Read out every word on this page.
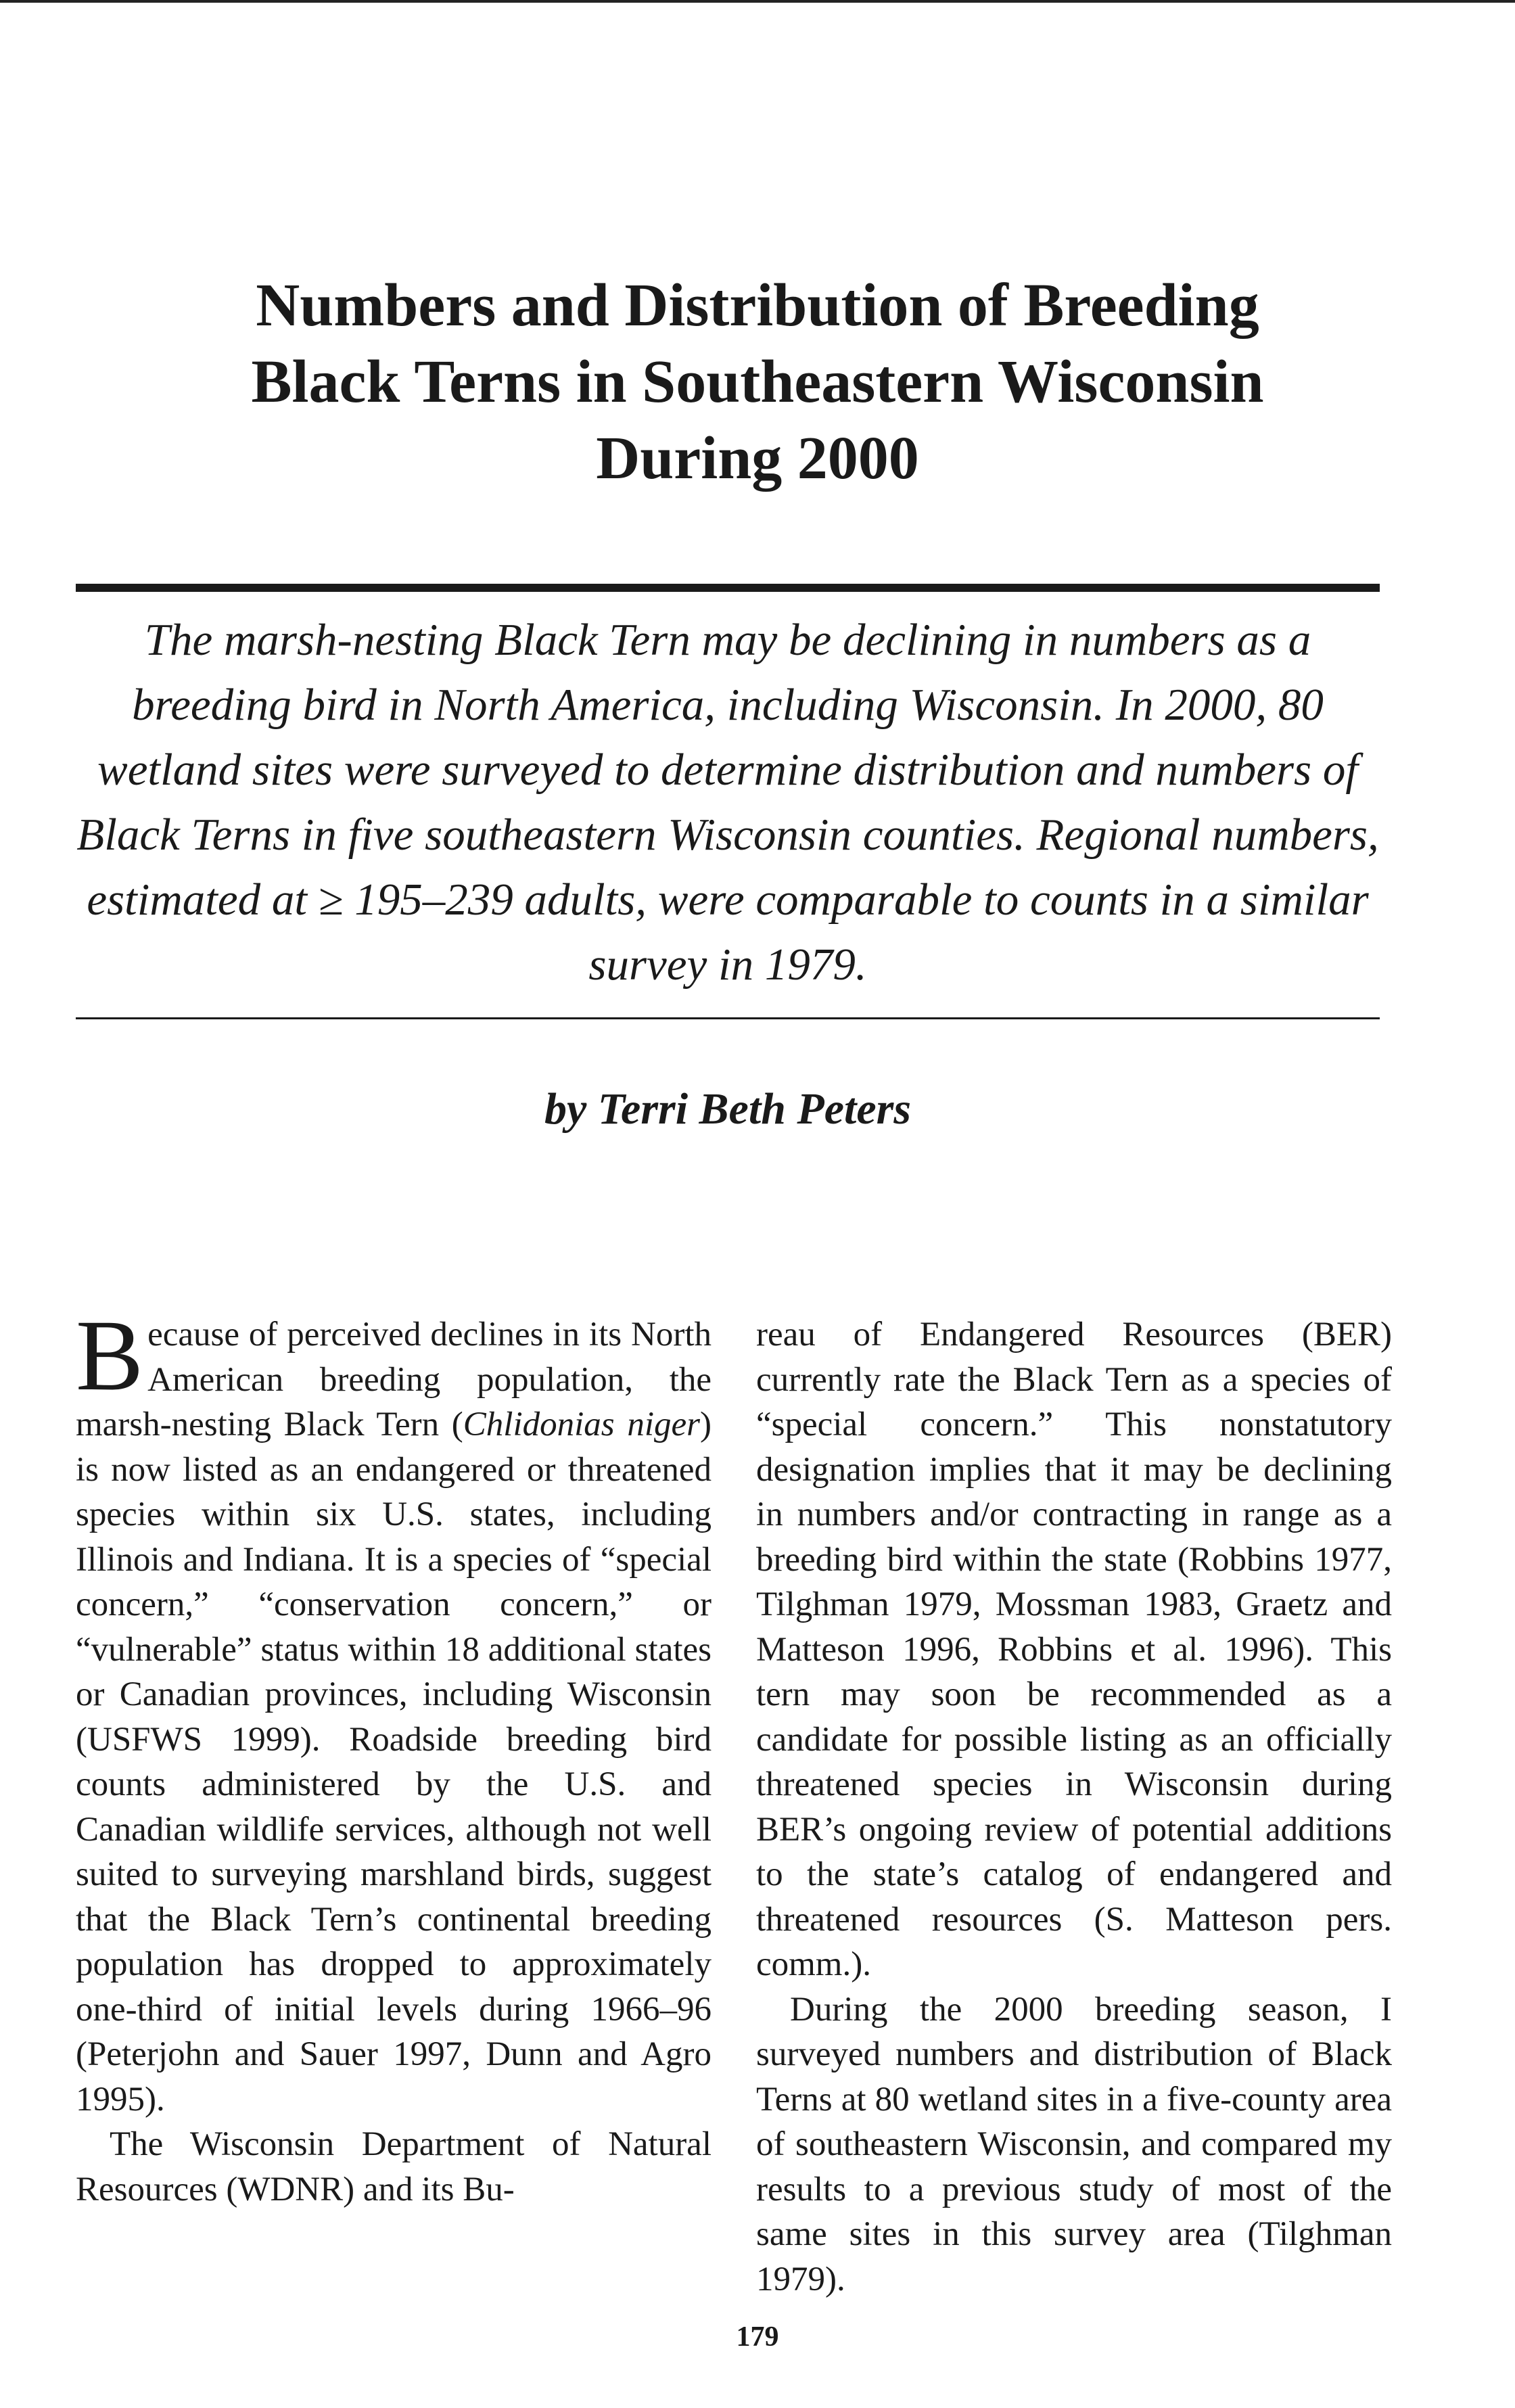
Numbers and Distribution of Breeding
Black Terns in Southeastern Wisconsin
During 2000

The marsh-nesting Black Tern may be declining in numbers as a breeding bird in North America, including Wisconsin. In 2000, 80 wetland sites were surveyed to determine distribution and numbers of Black Terns in five southeastern Wisconsin counties. Regional numbers, estimated at ≥ 195–239 adults, were comparable to counts in a similar survey in 1979.

by Terri Beth Peters

Because of perceived declines in its North American breeding population, the marsh-nesting Black Tern (Chlidonias niger) is now listed as an endangered or threatened species within six U.S. states, including Illinois and Indiana. It is a species of “special concern,” “conservation concern,” or “vulnerable” status within 18 additional states or Canadian provinces, including Wisconsin (USFWS 1999). Roadside breeding bird counts administered by the U.S. and Canadian wildlife services, although not well suited to surveying marshland birds, suggest that the Black Tern’s continental breeding population has dropped to approximately one-third of initial levels during 1966–96 (Peterjohn and Sauer 1997, Dunn and Agro 1995).

The Wisconsin Department of Natural Resources (WDNR) and its Bu-

reau of Endangered Resources (BER) currently rate the Black Tern as a species of “special concern.” This nonstatutory designation implies that it may be declining in numbers and/or contracting in range as a breeding bird within the state (Robbins 1977, Tilghman 1979, Mossman 1983, Graetz and Matteson 1996, Robbins et al. 1996). This tern may soon be recommended as a candidate for possible listing as an officially threatened species in Wisconsin during BER’s ongoing review of potential additions to the state’s catalog of endangered and threatened resources (S. Matteson pers. comm.).

During the 2000 breeding season, I surveyed numbers and distribution of Black Terns at 80 wetland sites in a five-county area of southeastern Wisconsin, and compared my results to a previous study of most of the same sites in this survey area (Tilghman 1979).

179
